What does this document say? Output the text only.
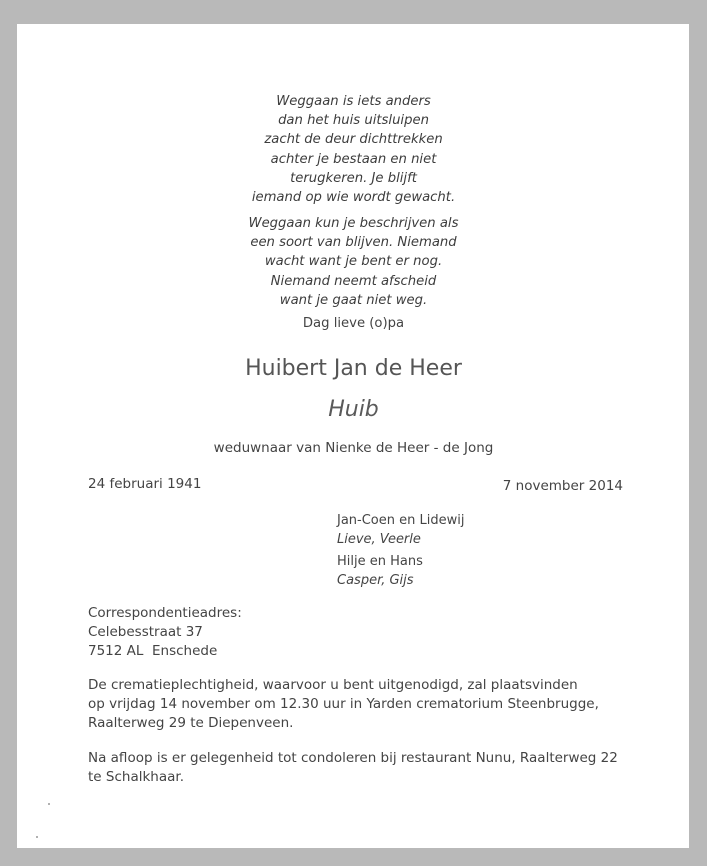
Weggaan is iets anders
dan het huis uitsluipen
zacht de deur dichttrekken
achter je bestaan en niet
terugkeren. Je blijft
iemand op wie wordt gewacht.
Weggaan kun je beschrijven als
een soort van blijven. Niemand
wacht want je bent er nog.
Niemand neemt afscheid
want je gaat niet weg.
Dag lieve (o)pa
Huibert Jan de Heer
Huib
weduwnaar van Nienke de Heer - de Jong
24 februari 1941	7 november 2014
Jan-Coen en Lidewij
Lieve, Veerle
Hilje en Hans
Casper, Gijs
Correspondentieadres:
Celebesstraat 37
7512 AL  Enschede
De crematieplechtigheid, waarvoor u bent uitgenodigd, zal plaatsvinden
op vrijdag 14 november om 12.30 uur in Yarden crematorium Steenbrugge,
Raalterweg 29 te Diepenveen.
Na afloop is er gelegenheid tot condoleren bij restaurant Nunu, Raalterweg 22
te Schalkhaar.
